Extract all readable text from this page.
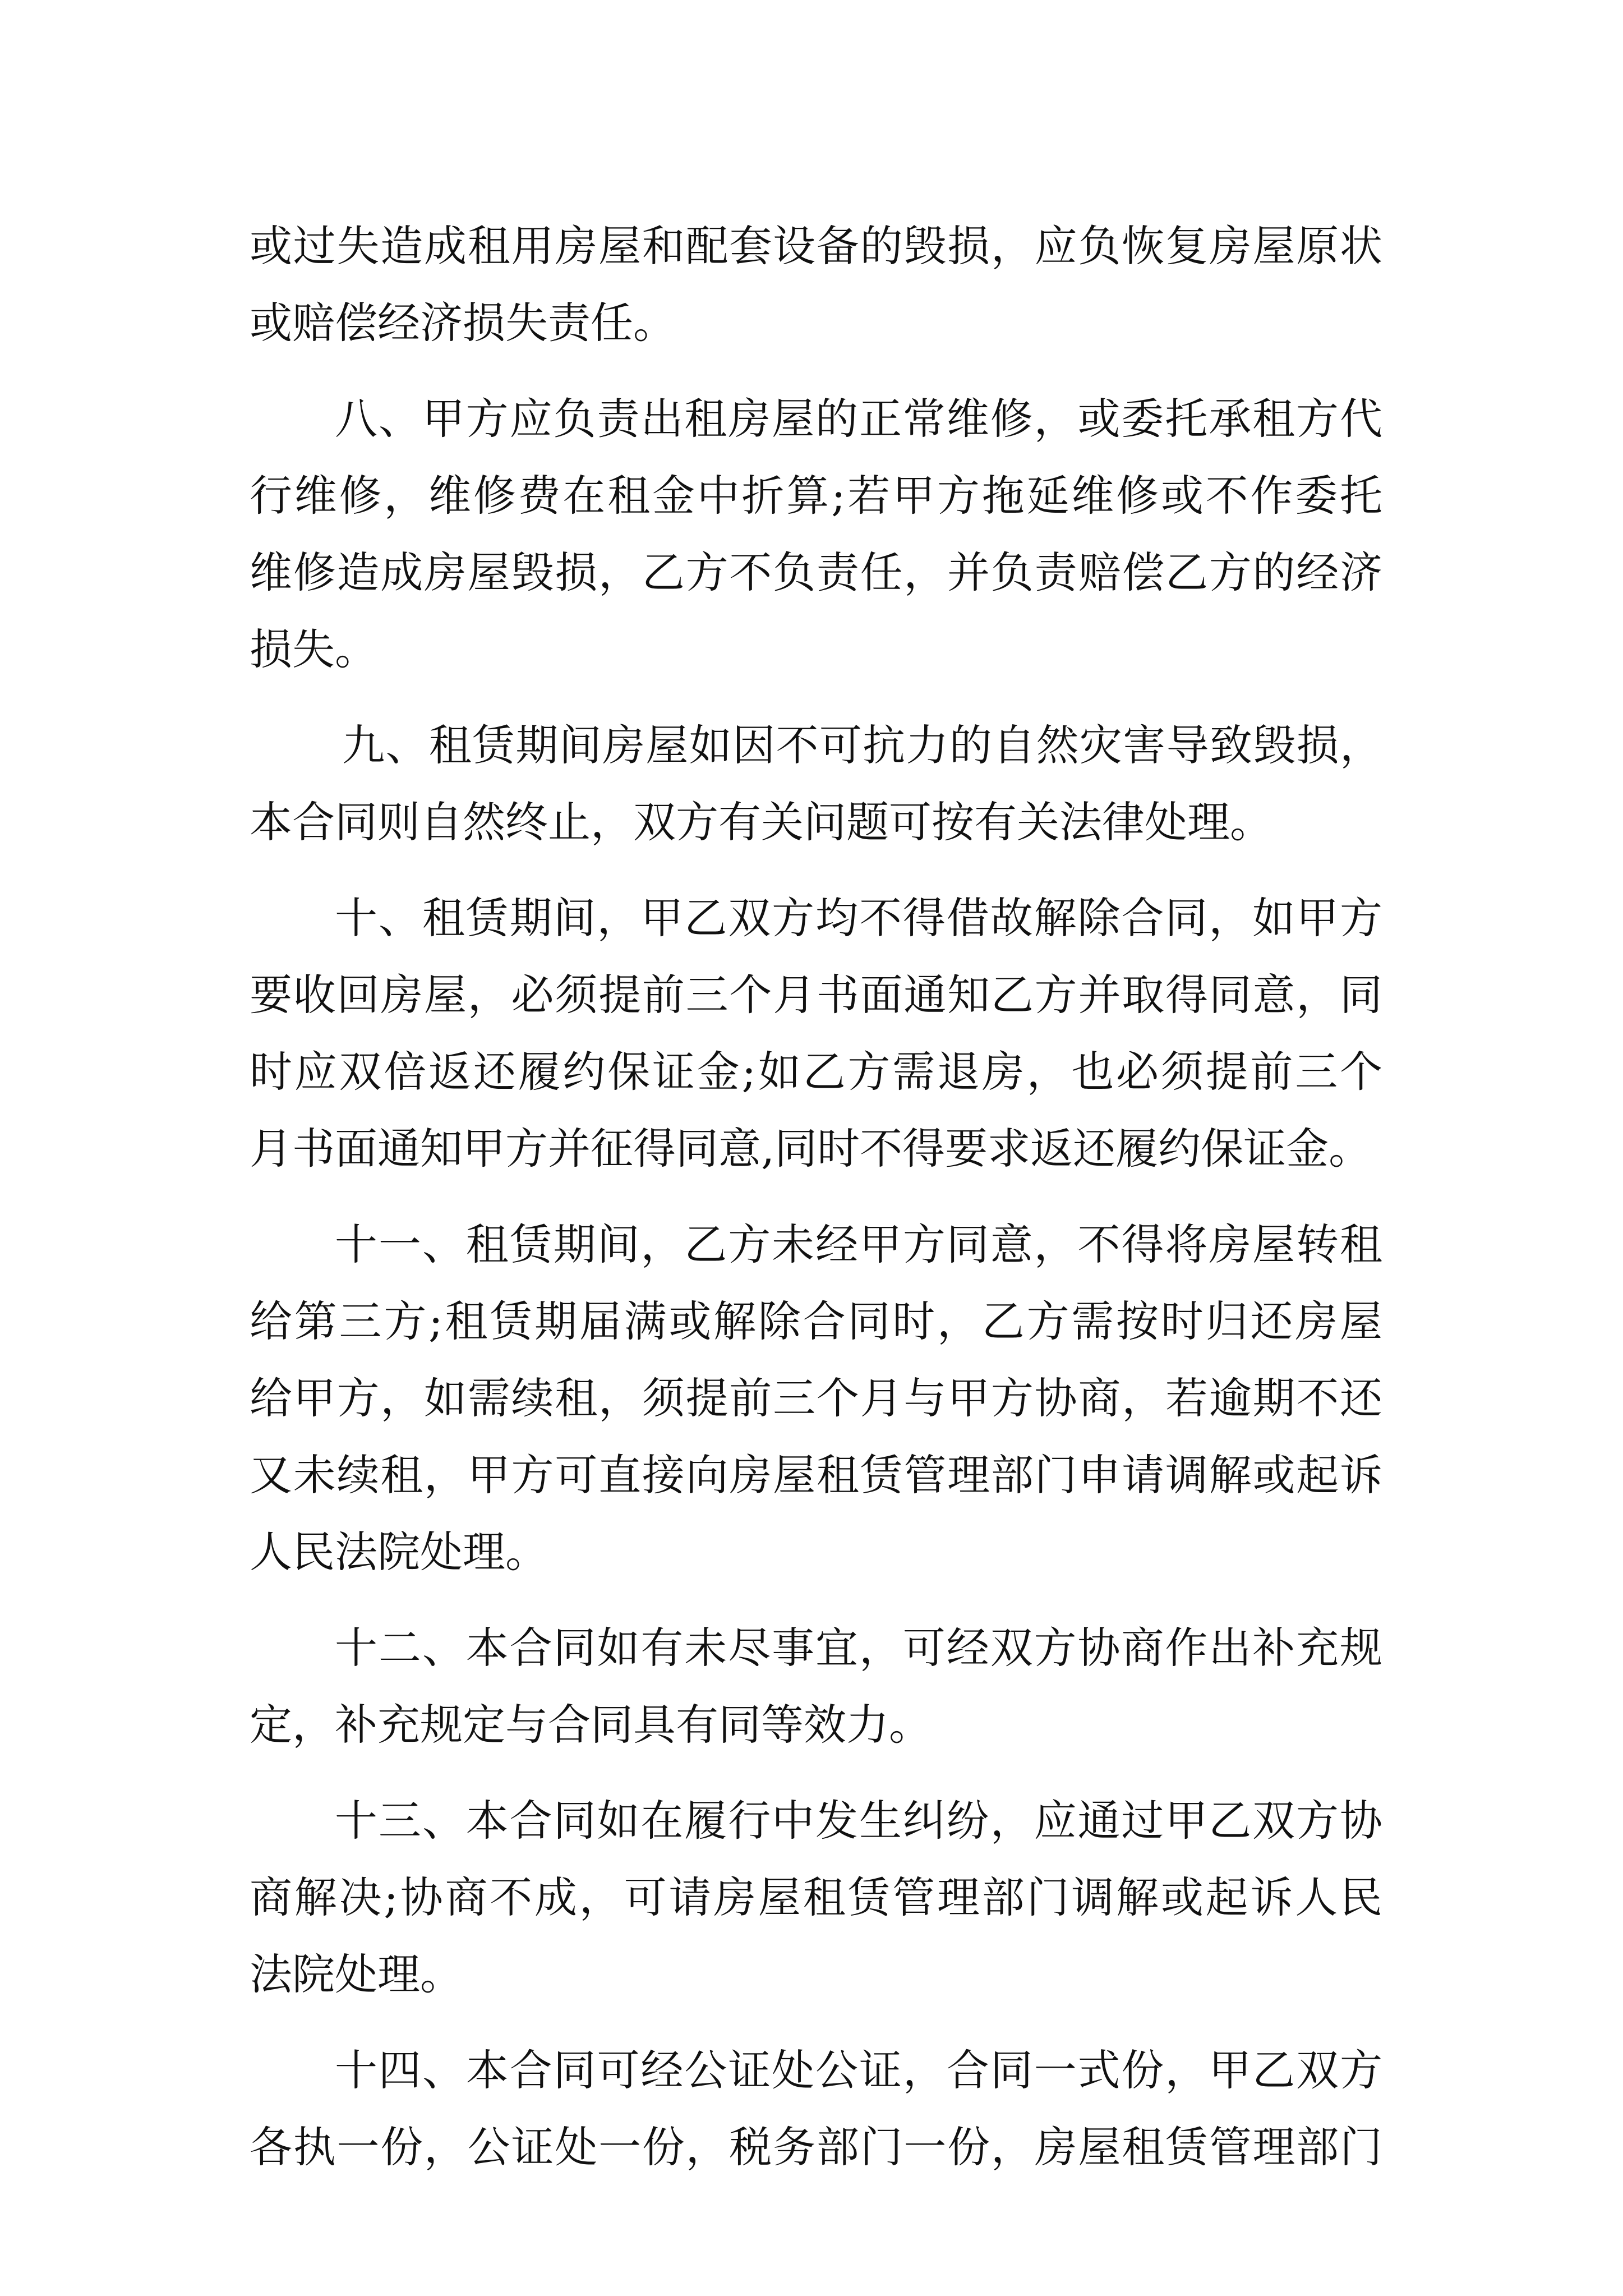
或过失造成租用房屋和配套设备的毁损，应负恢复房屋原状
或赔偿经济损失责任。
八、甲方应负责出租房屋的正常维修，或委托承租方代
行维修，维修费在租金中折算;若甲方拖延维修或不作委托
维修造成房屋毁损，乙方不负责任，并负责赔偿乙方的经济
损失。
九、租赁期间房屋如因不可抗力的自然灾害导致毁损，
本合同则自然终止，双方有关问题可按有关法律处理。
十、租赁期间，甲乙双方均不得借故解除合同，如甲方
要收回房屋，必须提前三个月书面通知乙方并取得同意，同
时应双倍返还履约保证金;如乙方需退房，也必须提前三个
月书面通知甲方并征得同意,同时不得要求返还履约保证金。
十一、租赁期间，乙方未经甲方同意，不得将房屋转租
给第三方;租赁期届满或解除合同时，乙方需按时归还房屋
给甲方，如需续租，须提前三个月与甲方协商，若逾期不还
又未续租，甲方可直接向房屋租赁管理部门申请调解或起诉
人民法院处理。
十二、本合同如有未尽事宜，可经双方协商作出补充规
定，补充规定与合同具有同等效力。
十三、本合同如在履行中发生纠纷，应通过甲乙双方协
商解决;协商不成，可请房屋租赁管理部门调解或起诉人民
法院处理。
十四、本合同可经公证处公证，合同一式份，甲乙双方
各执一份，公证处一份，税务部门一份，房屋租赁管理部门
